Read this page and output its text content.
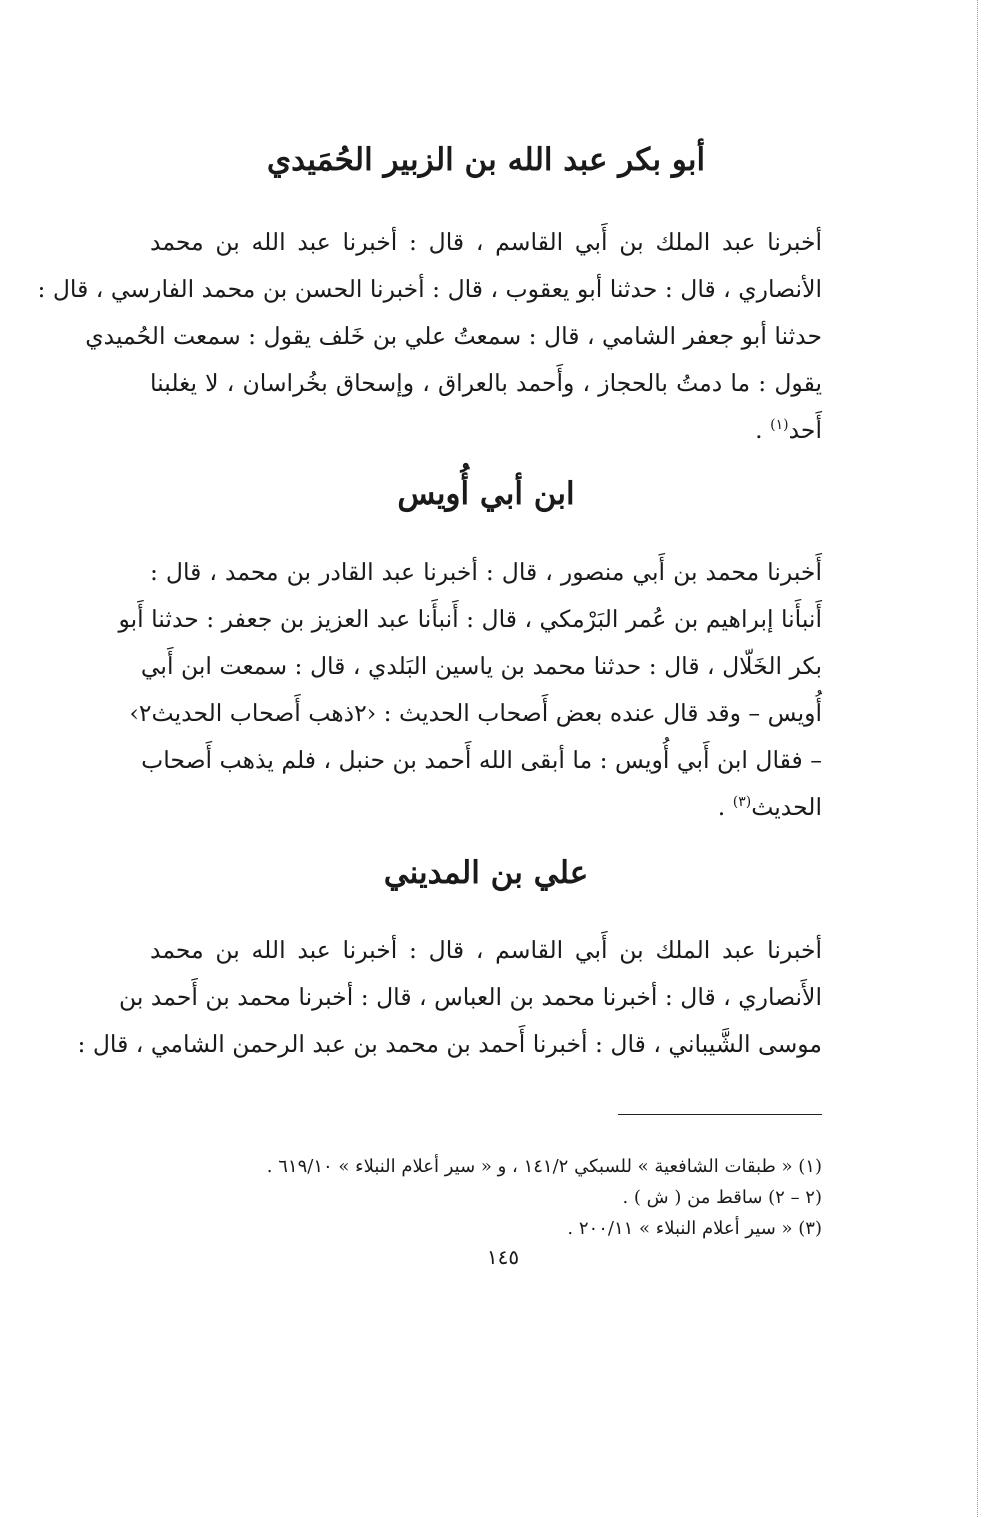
أبو بكر عبد الله بن الزبير الحُمَيدي

أخبرنا عبد الملك بن أَبي القاسم ، قال : أخبرنا عبد الله بن محمد
الأنصاري ، قال : حدثنا أبو يعقوب ، قال : أخبرنا الحسن بن محمد الفارسي ، قال :
حدثنا أبو جعفر الشامي ، قال : سمعتُ علي بن خَلف يقول : سمعت الحُميدي
يقول : ما دمتُ بالحجاز ، وأَحمد بالعراق ، وإسحاق بخُراسان ، لا يغلبنا
أَحد$^{(١)}$ .

ابن أبي أُويس

أَخبرنا محمد بن أَبي منصور ، قال : أخبرنا عبد القادر بن محمد ، قال :
أَنبأَنا إبراهيم بن عُمر البَرْمكي ، قال : أَنبأَنا عبد العزيز بن جعفر : حدثنا أَبو
بكر الخَلّال ، قال : حدثنا محمد بن ياسين البَلدي ، قال : سمعت ابن أَبي
أُويس – وقد قال عنده بعض أَصحاب الحديث : ‹٢ذهب أَصحاب الحديث٢›
– فقال ابن أَبي أُويس : ما أبقى الله أَحمد بن حنبل ، فلم يذهب أَصحاب
الحديث$^{(٣)}$ .

علي بن المديني

أخبرنا عبد الملك بن أَبي القاسم ، قال : أخبرنا عبد الله بن محمد
الأَنصاري ، قال : أخبرنا محمد بن العباس ، قال : أخبرنا محمد بن أَحمد بن
موسى الشَّيباني ، قال : أخبرنا أَحمد بن محمد بن عبد الرحمن الشامي ، قال :

(١) « طبقات الشافعية » للسبكي ١٤١/٢ ، و « سير أعلام النبلاء » ٦١٩/١٠ .
(٢ – ٢) ساقط من ( ش ) .
(٣) « سير أعلام النبلاء » ٢٠٠/١١ .
١٤٥
